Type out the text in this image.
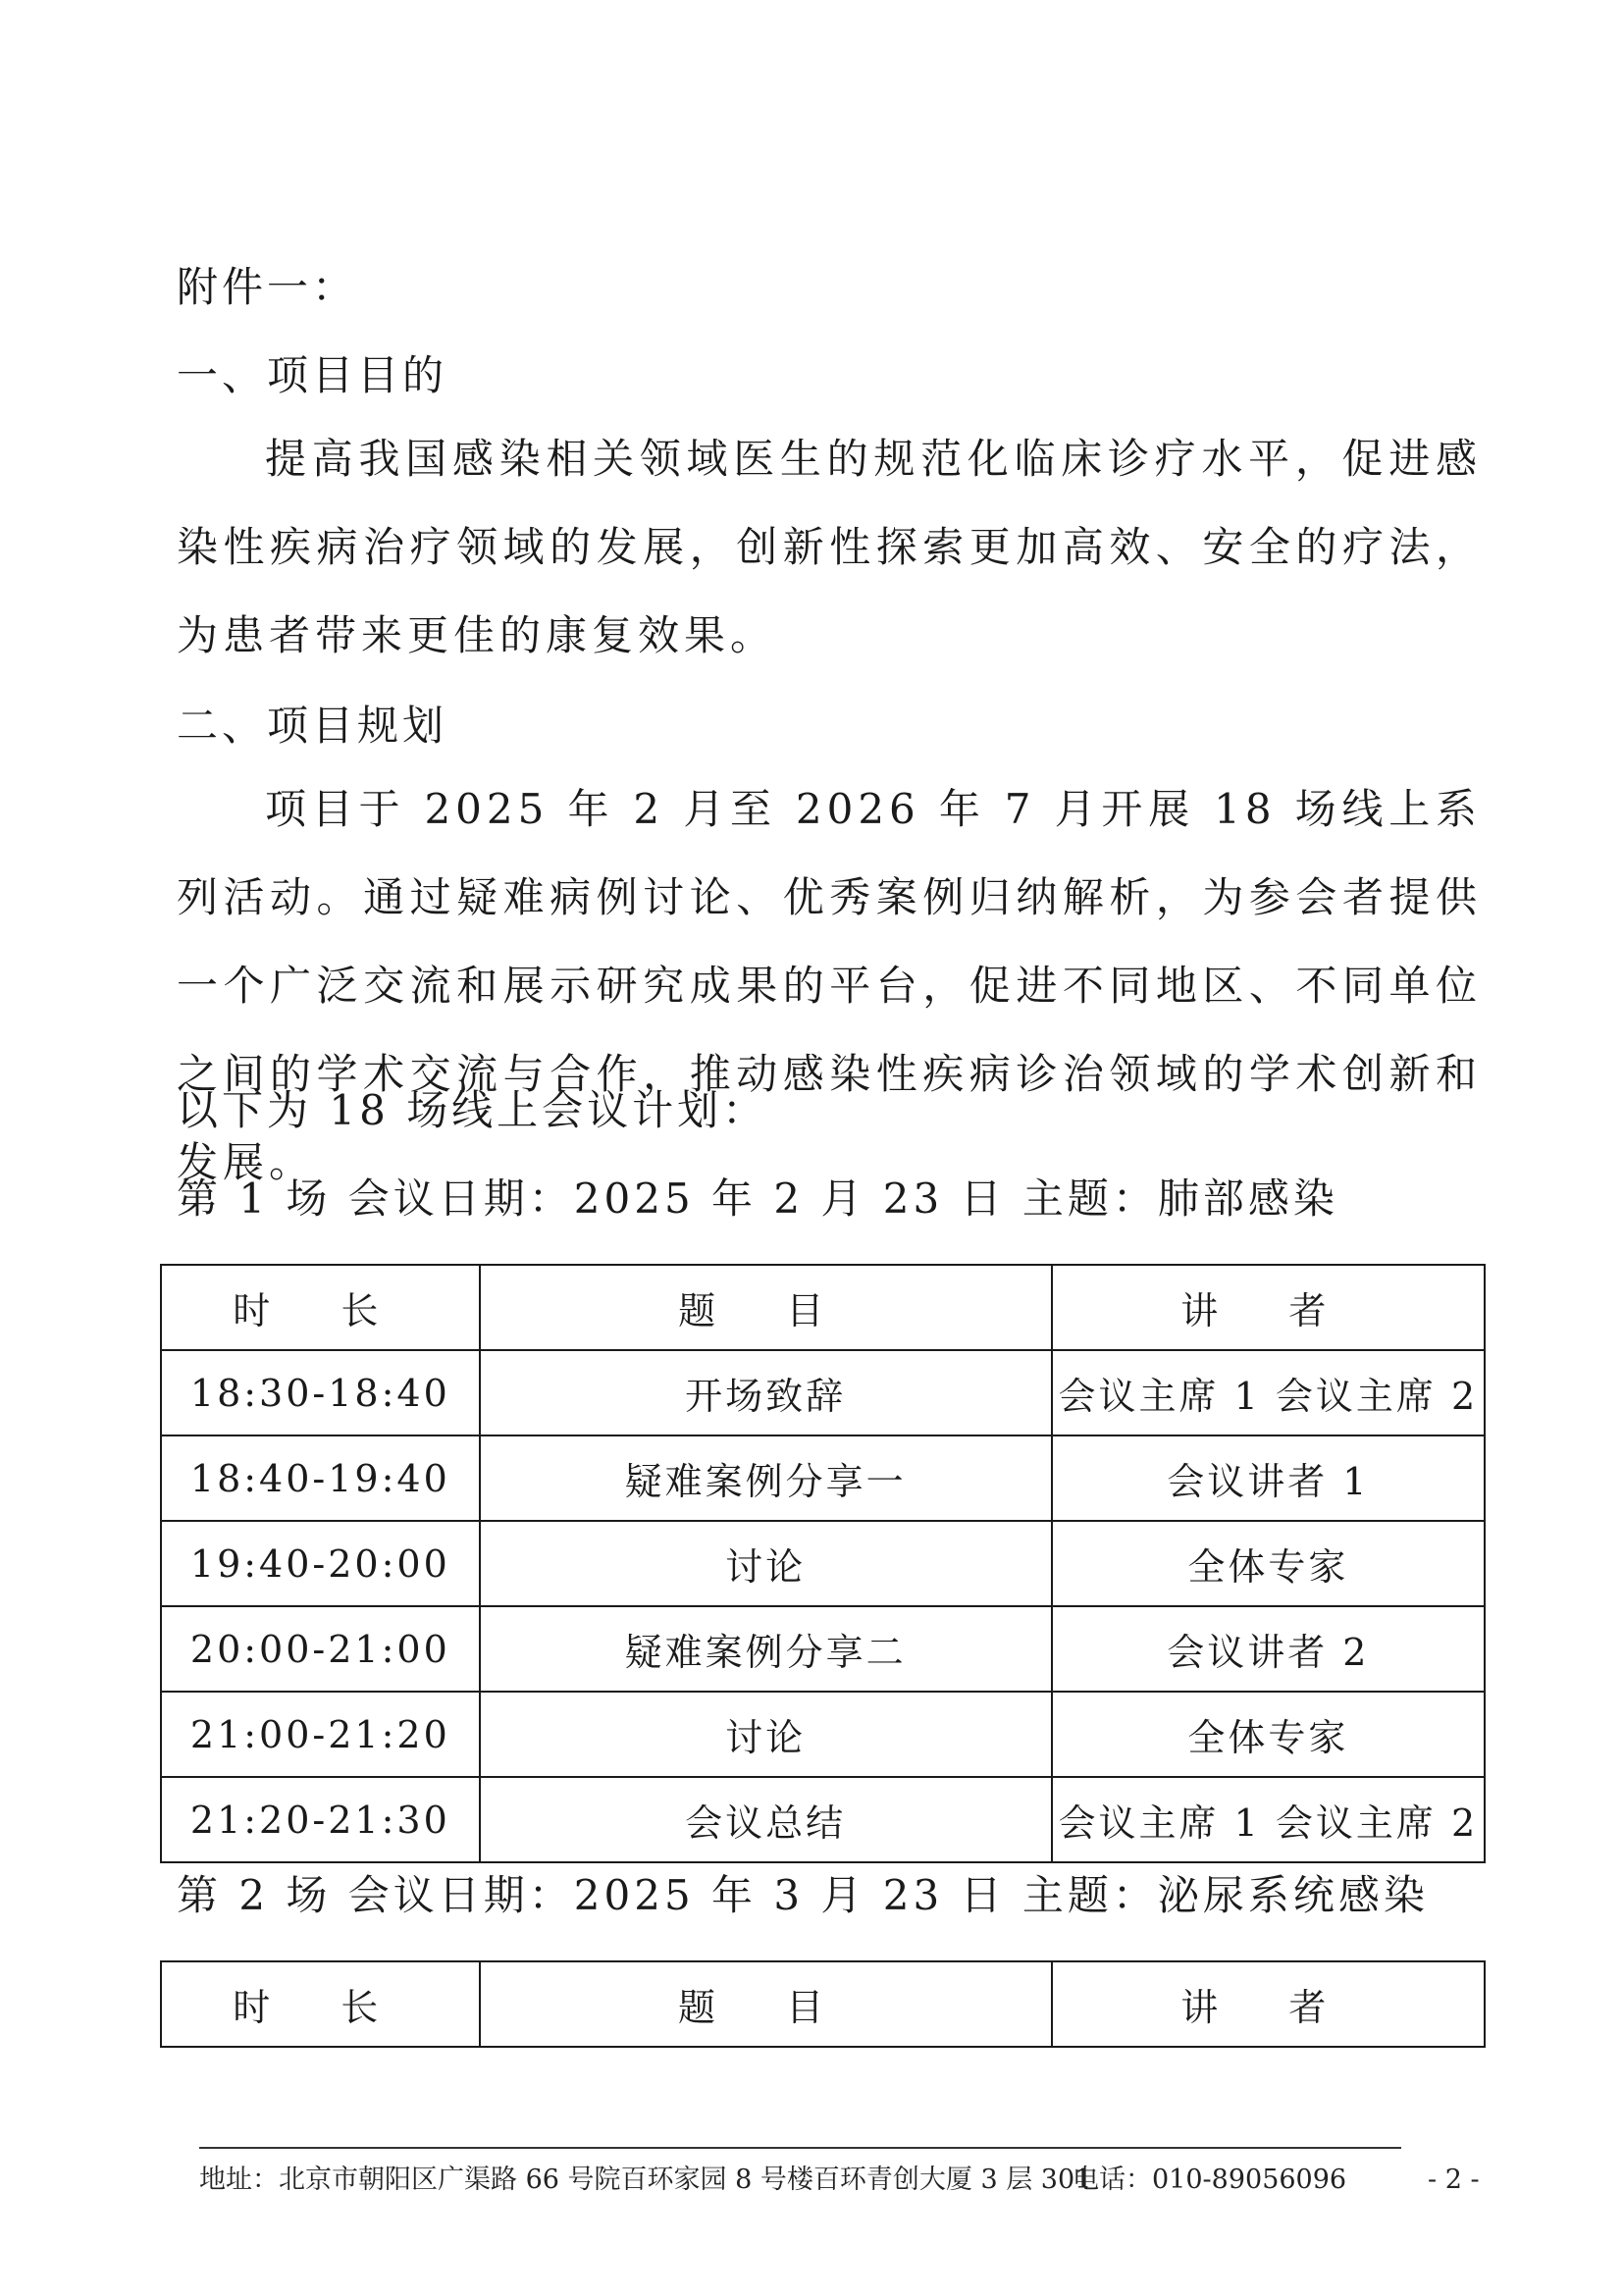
附件一：
一、项目目的
提高我国感染相关领域医生的规范化临床诊疗水平，促进感染性疾病治疗领域的发展，创新性探索更加高效、安全的疗法，为患者带来更佳的康复效果。
二、项目规划
项目于 2025 年 2 月至 2026 年 7 月开展 18 场线上系列活动。通过疑难病例讨论、优秀案例归纳解析，为参会者提供一个广泛交流和展示研究成果的平台，促进不同地区、不同单位之间的学术交流与合作，推动感染性疾病诊治领域的学术创新和发展。
以下为 18 场线上会议计划：
第 1 场 会议日期：2025 年 2 月 23 日 主题：肺部感染
时 长	题 目	讲 者
18:30-18:40	开场致辞	会议主席 1 会议主席 2
18:40-19:40	疑难案例分享一	会议讲者 1
19:40-20:00	讨论	全体专家
20:00-21:00	疑难案例分享二	会议讲者 2
21:00-21:20	讨论	全体专家
21:20-21:30	会议总结	会议主席 1 会议主席 2
第 2 场 会议日期：2025 年 3 月 23 日 主题：泌尿系统感染
时 长	题 目	讲 者
地址：北京市朝阳区广渠路 66 号院百环家园 8 号楼百环青创大厦 3 层 301
电话：010-89056096	- 2 -
